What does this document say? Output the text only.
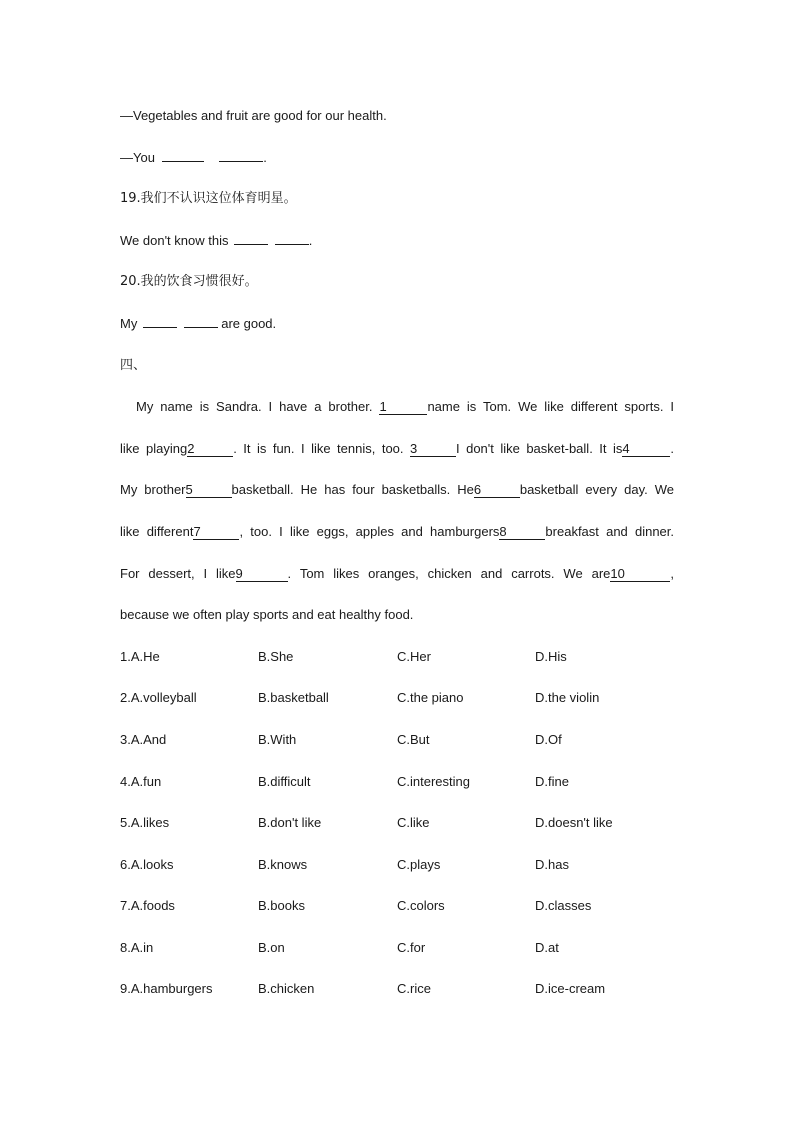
—Vegetables and fruit are good for our health.
—You	.
19.我们不认识这位体育明星。
We don't know this	.
20.我的饮食习惯很好。
My	are good.
四、
My name is Sandra. I have a brother. 1	name is Tom. We like different sports. I
like playing2	. It is fun. I like tennis, too. 3	I don't like basket-ball. It is4	.
My brother5	basketball. He has four basketballs. He6	basketball every day. We
like different7	, too. I like eggs, apples and hamburgers8	breakfast and dinner.
For dessert, I like9	. Tom likes oranges, chicken and carrots. We are10	,
because we often play sports and eat healthy food.
1.A.He	B.She	C.Her	D.His
2.A.volleyball	B.basketball	C.the piano	D.the violin
3.A.And	B.With	C.But	D.Of
4.A.fun	B.difficult	C.interesting	D.fine
5.A.likes	B.don't like	C.like	D.doesn't like
6.A.looks	B.knows	C.plays	D.has
7.A.foods	B.books	C.colors	D.classes
8.A.in	B.on	C.for	D.at
9.A.hamburgers	B.chicken	C.rice	D.ice-cream
